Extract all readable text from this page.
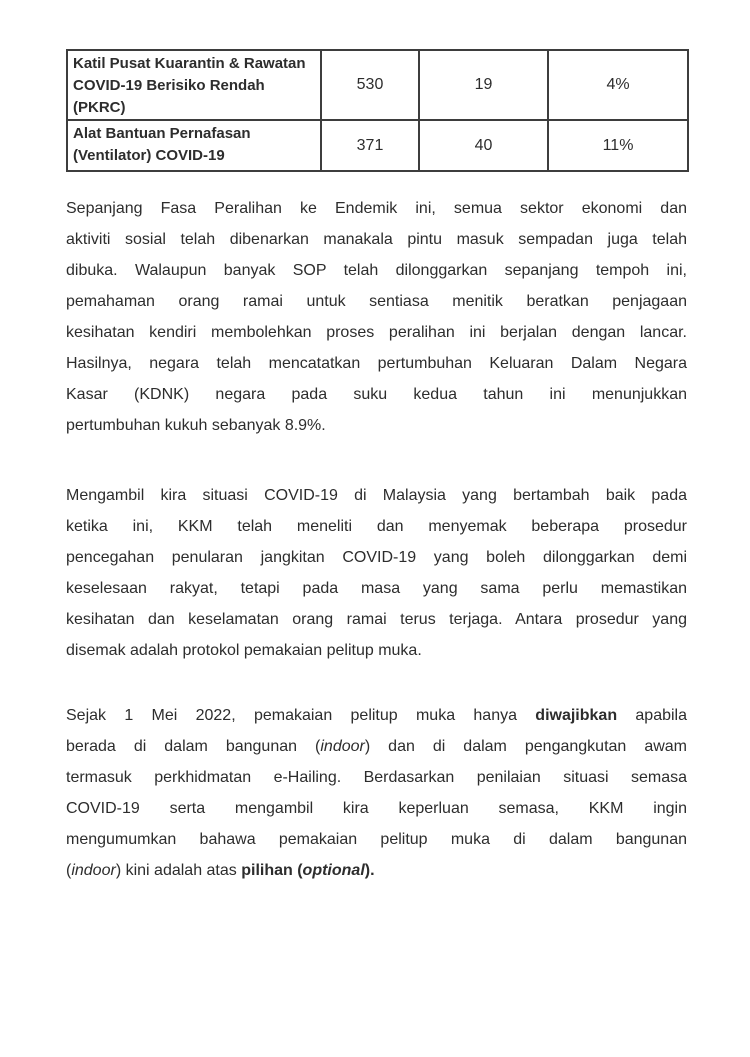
Katil Pusat Kuarantin & Rawatan
COVID-19 Berisiko Rendah
(PKRC)	530	19	4%

Alat Bantuan Pernafasan
(Ventilator) COVID-19	371	40	11%
Sepanjang Fasa Peralihan ke Endemik ini, semua sektor ekonomi dan
aktiviti sosial telah dibenarkan manakala pintu masuk sempadan juga telah
dibuka. Walaupun banyak SOP telah dilonggarkan sepanjang tempoh ini,
pemahaman orang ramai untuk sentiasa menitik beratkan penjagaan
kesihatan kendiri membolehkan proses peralihan ini berjalan dengan lancar.
Hasilnya, negara telah mencatatkan pertumbuhan Keluaran Dalam Negara
Kasar (KDNK) negara pada suku kedua tahun ini menunjukkan
pertumbuhan kukuh sebanyak 8.9%.
Mengambil kira situasi COVID-19 di Malaysia yang bertambah baik pada
ketika ini, KKM telah meneliti dan menyemak beberapa prosedur
pencegahan penularan jangkitan COVID-19 yang boleh dilonggarkan demi
keselesaan rakyat, tetapi pada masa yang sama perlu memastikan
kesihatan dan keselamatan orang ramai terus terjaga. Antara prosedur yang
disemak adalah protokol pemakaian pelitup muka.
Sejak 1 Mei 2022, pemakaian pelitup muka hanya diwajibkan apabila
berada di dalam bangunan (indoor) dan di dalam pengangkutan awam
termasuk perkhidmatan e-Hailing. Berdasarkan penilaian situasi semasa
COVID-19 serta mengambil kira keperluan semasa, KKM ingin
mengumumkan bahawa pemakaian pelitup muka di dalam bangunan
(indoor) kini adalah atas pilihan (optional).
